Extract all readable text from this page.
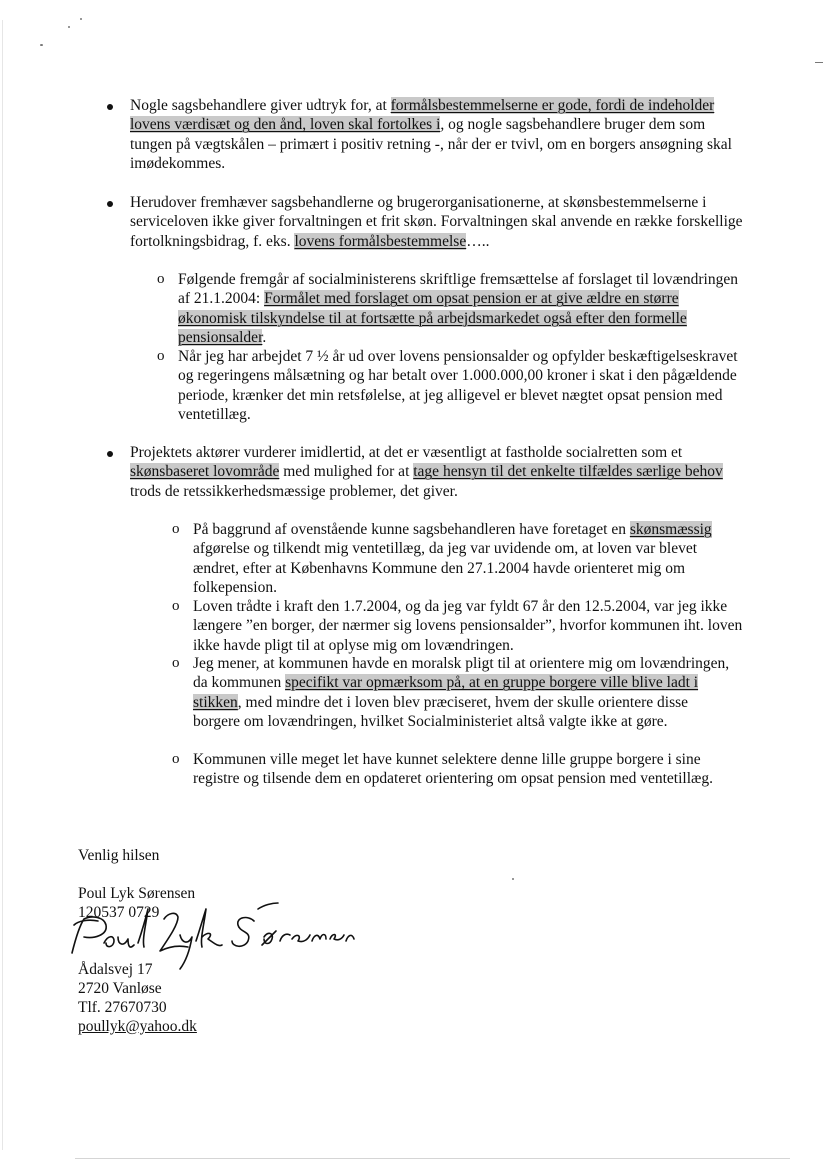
Nogle sagsbehandlere giver udtryk for, at formålsbestemmelserne er gode, fordi de indeholder lovens værdisæt og den ånd, loven skal fortolkes i, og nogle sagsbehandlere bruger dem som tungen på vægtskålen – primært i positiv retning -, når der er tvivl, om en borgers ansøgning skal imødekommes.
Herudover fremhæver sagsbehandlerne og brugerorganisationerne, at skønsbestemmelserne i serviceloven ikke giver forvaltningen et frit skøn. Forvaltningen skal anvende en række forskellige fortolkningsbidrag, f. eks. lovens formålsbestemmelse…..
o Følgende fremgår af socialministerens skriftlige fremsættelse af forslaget til lovændringen af 21.1.2004: Formålet med forslaget om opsat pension er at give ældre en større økonomisk tilskyndelse til at fortsætte på arbejdsmarkedet også efter den formelle pensionsalder.
o Når jeg har arbejdet 7 ½ år ud over lovens pensionsalder og opfylder beskæftigelseskravet og regeringens målsætning og har betalt over 1.000.000,00 kroner i skat i den pågældende periode, krænker det min retsfølelse, at jeg alligevel er blevet nægtet opsat pension med ventetillæg.
Projektets aktører vurderer imidlertid, at det er væsentligt at fastholde socialretten som et skønsbaseret lovområde med mulighed for at tage hensyn til det enkelte tilfældes særlige behov trods de retssikkerhedsmæssige problemer, det giver.
o På baggrund af ovenstående kunne sagsbehandleren have foretaget en skønsmæssig afgørelse og tilkendt mig ventetillæg, da jeg var uvidende om, at loven var blevet ændret, efter at Københavns Kommune den 27.1.2004 havde orienteret mig om folkepension.
o Loven trådte i kraft den 1.7.2004, og da jeg var fyldt 67 år den 12.5.2004, var jeg ikke længere ”en borger, der nærmer sig lovens pensionsalder”, hvorfor kommunen iht. loven ikke havde pligt til at oplyse mig om lovændringen.
o Jeg mener, at kommunen havde en moralsk pligt til at orientere mig om lovændringen, da kommunen specifikt var opmærksom på, at en gruppe borgere ville blive ladt i stikken, med mindre det i loven blev præciseret, hvem der skulle orientere disse borgere om lovændringen, hvilket Socialministeriet altså valgte ikke at gøre.
o Kommunen ville meget let have kunnet selektere denne lille gruppe borgere i sine registre og tilsende dem en opdateret orientering om opsat pension med ventetillæg.
Venlig hilsen
Poul Lyk Sørensen
120537 0729
Ådalsvej 17
2720 Vanløse
Tlf. 27670730
poullyk@yahoo.dk
